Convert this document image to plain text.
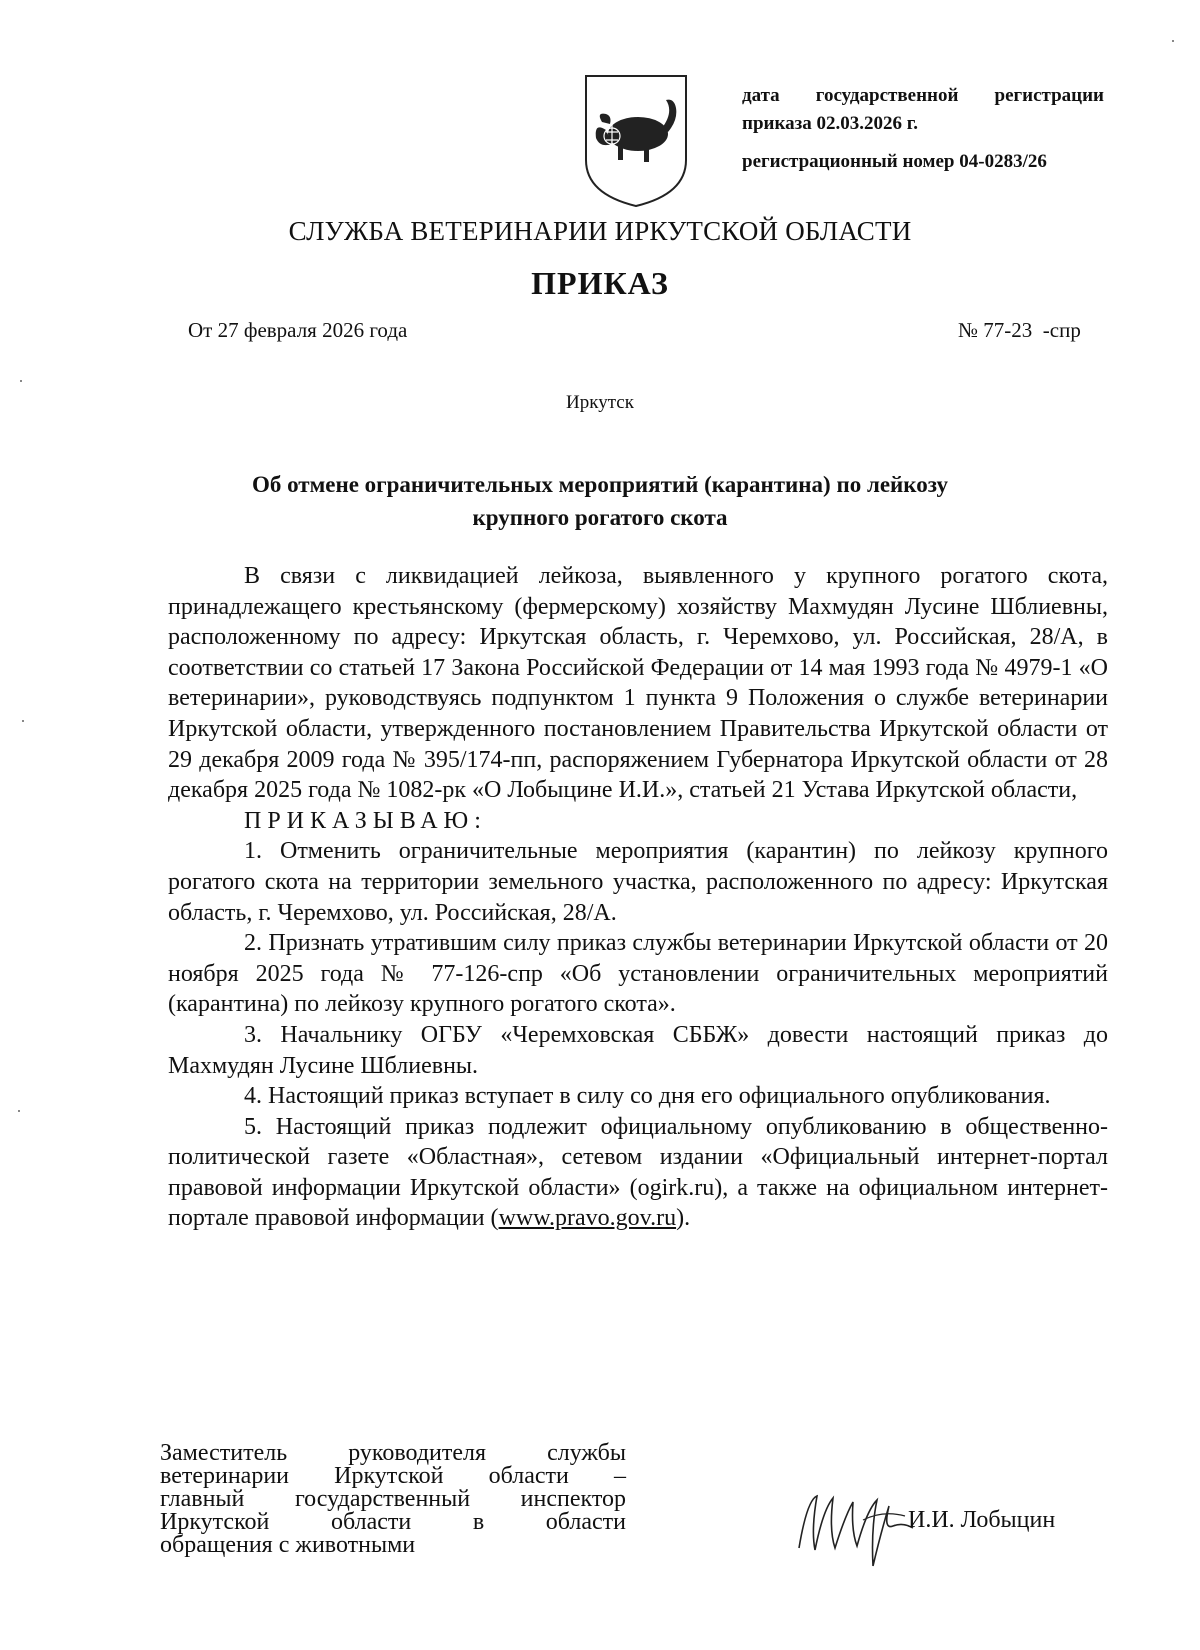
дата государственной регистрации
приказа 02.03.2026 г.
регистрационный номер 04-0283/26
СЛУЖБА ВЕТЕРИНАРИИ ИРКУТСКОЙ ОБЛАСТИ
ПРИКАЗ
От 27 февраля 2026 года	№ 77-23  -спр
Иркутск
Об отмене ограничительных мероприятий (карантина) по лейкозу
крупного рогатого скота

В связи с ликвидацией лейкоза, выявленного у крупного рогатого скота, принадлежащего крестьянскому (фермерскому) хозяйству Махмудян Лусине Шблиевны, расположенному по адресу: Иркутская область, г. Черемхово, ул. Российская, 28/А, в соответствии со статьей 17 Закона Российской Федерации от 14 мая 1993 года № 4979-1 «О ветеринарии», руководствуясь подпунктом 1 пункта 9 Положения о службе ветеринарии Иркутской области, утвержденного постановлением Правительства Иркутской области от 29 декабря 2009 года № 395/174-пп, распоряжением Губернатора Иркутской области от 28 декабря 2025 года № 1082-рк «О Лобыцине И.И.», статьей 21 Устава Иркутской области,

ПРИКАЗЫВАЮ:

1. Отменить ограничительные мероприятия (карантин) по лейкозу крупного рогатого скота на территории земельного участка, расположенного по адресу: Иркутская область, г. Черемхово, ул. Российская, 28/А.

2. Признать утратившим силу приказ службы ветеринарии Иркутской области от 20 ноября 2025 года № 77-126-спр «Об установлении ограничительных мероприятий (карантина) по лейкозу крупного рогатого скота».

3. Начальнику ОГБУ «Черемховская СББЖ» довести настоящий приказ до Махмудян Лусине Шблиевны.

4. Настоящий приказ вступает в силу со дня его официального опубликования.

5. Настоящий приказ подлежит официальному опубликованию в общественно-политической газете «Областная», сетевом издании «Официальный интернет-портал правовой информации Иркутской области» (ogirk.ru), а также на официальном интернет-портале правовой информации (www.pravo.gov.ru).

Заместитель руководителя службы
ветеринарии Иркутской области –
главный государственный инспектор
Иркутской области в области
обращения с животными
И.И. Лобыцин
